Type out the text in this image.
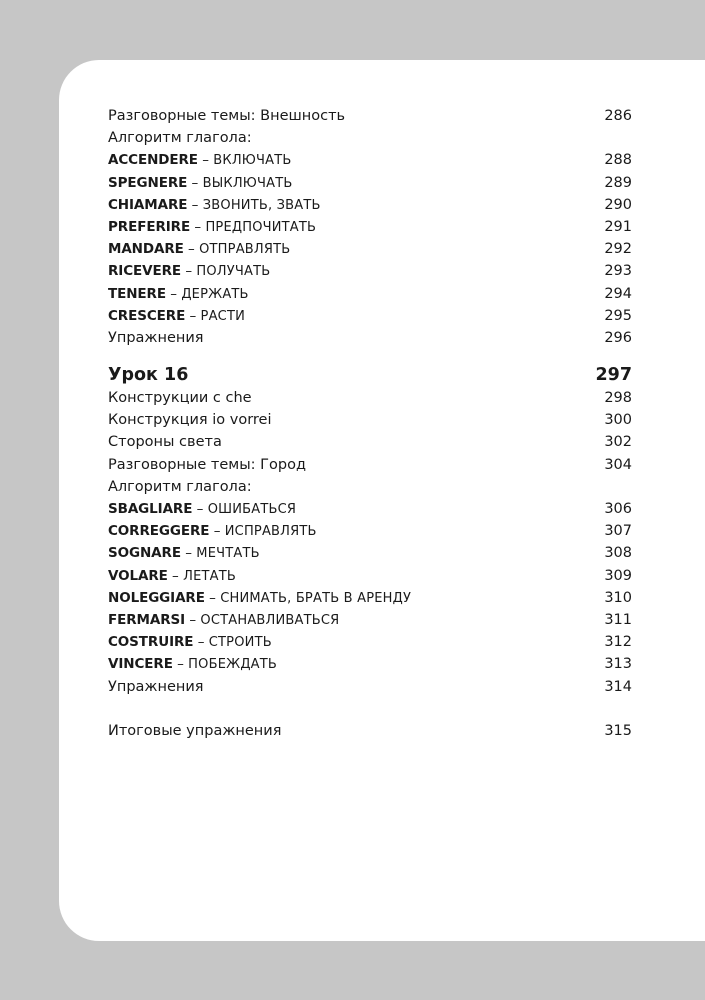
Разговорные темы: Внешность	286
Алгоритм глагола:
ACCENDERE – ВКЛЮЧАТЬ	288
SPEGNERE – ВЫКЛЮЧАТЬ	289
CHIAMARE – ЗВОНИТЬ, ЗВАТЬ	290
PREFERIRE – ПРЕДПОЧИТАТЬ	291
MANDARE – ОТПРАВЛЯТЬ	292
RICEVERE – ПОЛУЧАТЬ	293
TENERE – ДЕРЖАТЬ	294
CRESCERE – РАСТИ	295
Упражнения	296
Урок 16	297
Конструкции с che	298
Конструкция io vorrei	300
Стороны света	302
Разговорные темы: Город	304
Алгоритм глагола:
SBAGLIARE – ОШИБАТЬСЯ	306
CORREGGERE – ИСПРАВЛЯТЬ	307
SOGNARE – МЕЧТАТЬ	308
VOLARE – ЛЕТАТЬ	309
NOLEGGIARE – СНИМАТЬ, БРАТЬ В АРЕНДУ	310
FERMARSI – ОСТАНАВЛИВАТЬСЯ	311
COSTRUIRE – СТРОИТЬ	312
VINCERE – ПОБЕЖДАТЬ	313
Упражнения	314
Итоговые упражнения	315
